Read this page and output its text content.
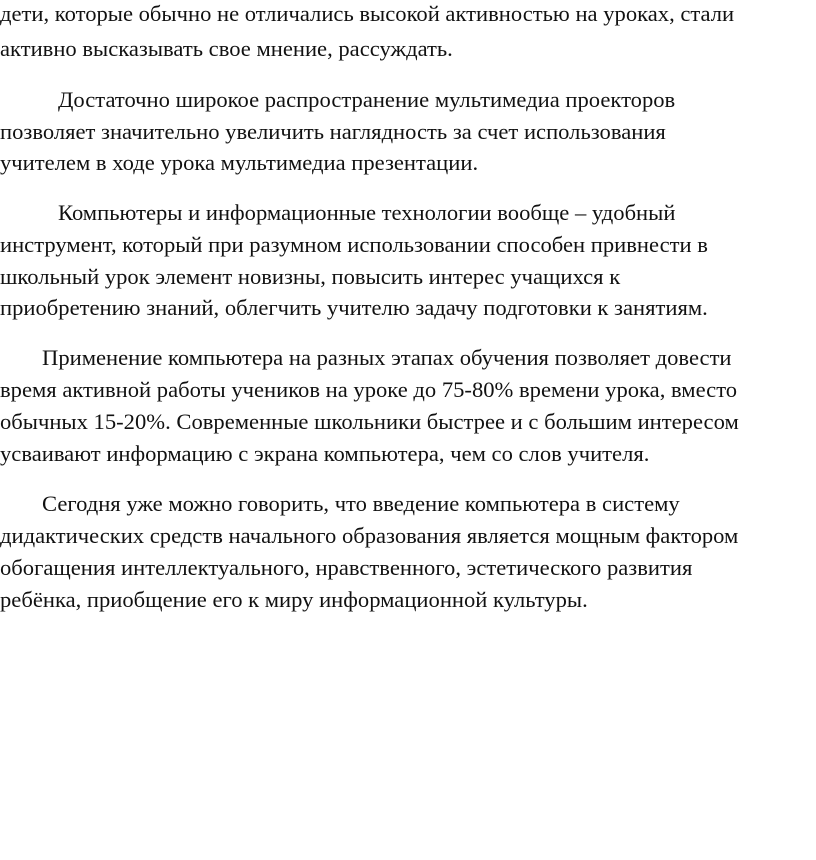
дети, которые обычно не отличались высокой активностью на уроках, стали

активно высказывать свое мнение, рассуждать.

Достаточно широкое распространение мультимедиа проекторов

позволяет значительно увеличить наглядность за счет использования

учителем в ходе урока мультимедиа презентации.

Компьютеры и информационные технологии вообще – удобный

инструмент, который при разумном использовании способен привнести в

школьный урок элемент новизны, повысить интерес учащихся к

приобретению знаний, облегчить учителю задачу подготовки к занятиям.

Применение компьютера на разных этапах обучения позволяет довести

время активной работы учеников на уроке до 75-80% времени урока, вместо

обычных 15-20%. Современные школьники быстрее и с большим интересом

усваивают информацию с экрана компьютера, чем со слов учителя.

Сегодня уже можно говорить, что введение компьютера в систему

дидактических средств начального образования является мощным фактором

обогащения интеллектуального, нравственного, эстетического развития

ребёнка, приобщение его к миру информационной культуры.
